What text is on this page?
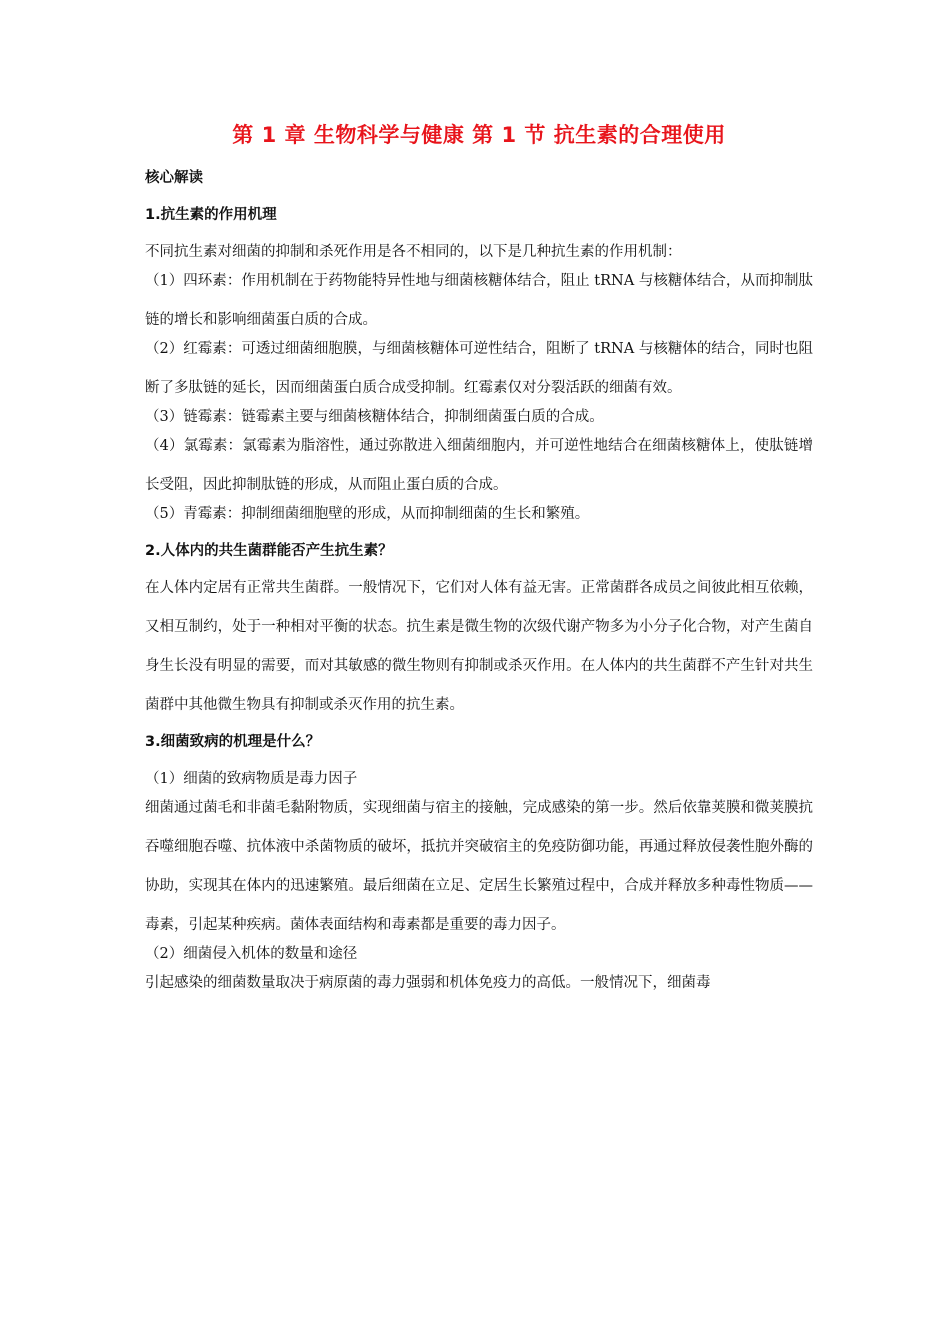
第 1 章 生物科学与健康 第 1 节 抗生素的合理使用
核心解读
1.抗生素的作用机理
不同抗生素对细菌的抑制和杀死作用是各不相同的，以下是几种抗生素的作用机制：
（1）四环素：作用机制在于药物能特异性地与细菌核糖体结合，阻止 tRNA 与核糖体结合，从而抑制肽链的增长和影响细菌蛋白质的合成。
（2）红霉素：可透过细菌细胞膜，与细菌核糖体可逆性结合，阻断了 tRNA 与核糖体的结合，同时也阻断了多肽链的延长，因而细菌蛋白质合成受抑制。红霉素仅对分裂活跃的细菌有效。
（3）链霉素：链霉素主要与细菌核糖体结合，抑制细菌蛋白质的合成。
（4）氯霉素：氯霉素为脂溶性，通过弥散进入细菌细胞内，并可逆性地结合在细菌核糖体上，使肽链增长受阻，因此抑制肽链的形成，从而阻止蛋白质的合成。
（5）青霉素：抑制细菌细胞壁的形成，从而抑制细菌的生长和繁殖。
2.人体内的共生菌群能否产生抗生素？
在人体内定居有正常共生菌群。一般情况下，它们对人体有益无害。正常菌群各成员之间彼此相互依赖，又相互制约，处于一种相对平衡的状态。抗生素是微生物的次级代谢产物多为小分子化合物，对产生菌自身生长没有明显的需要，而对其敏感的微生物则有抑制或杀灭作用。在人体内的共生菌群不产生针对共生菌群中其他微生物具有抑制或杀灭作用的抗生素。
3.细菌致病的机理是什么？
（1）细菌的致病物质是毒力因子
细菌通过菌毛和非菌毛黏附物质，实现细菌与宿主的接触，完成感染的第一步。然后依靠荚膜和微荚膜抗吞噬细胞吞噬、抗体液中杀菌物质的破坏，抵抗并突破宿主的免疫防御功能，再通过释放侵袭性胞外酶的协助，实现其在体内的迅速繁殖。最后细菌在立足、定居生长繁殖过程中，合成并释放多种毒性物质——毒素，引起某种疾病。菌体表面结构和毒素都是重要的毒力因子。
（2）细菌侵入机体的数量和途径
引起感染的细菌数量取决于病原菌的毒力强弱和机体免疫力的高低。一般情况下，细菌毒
